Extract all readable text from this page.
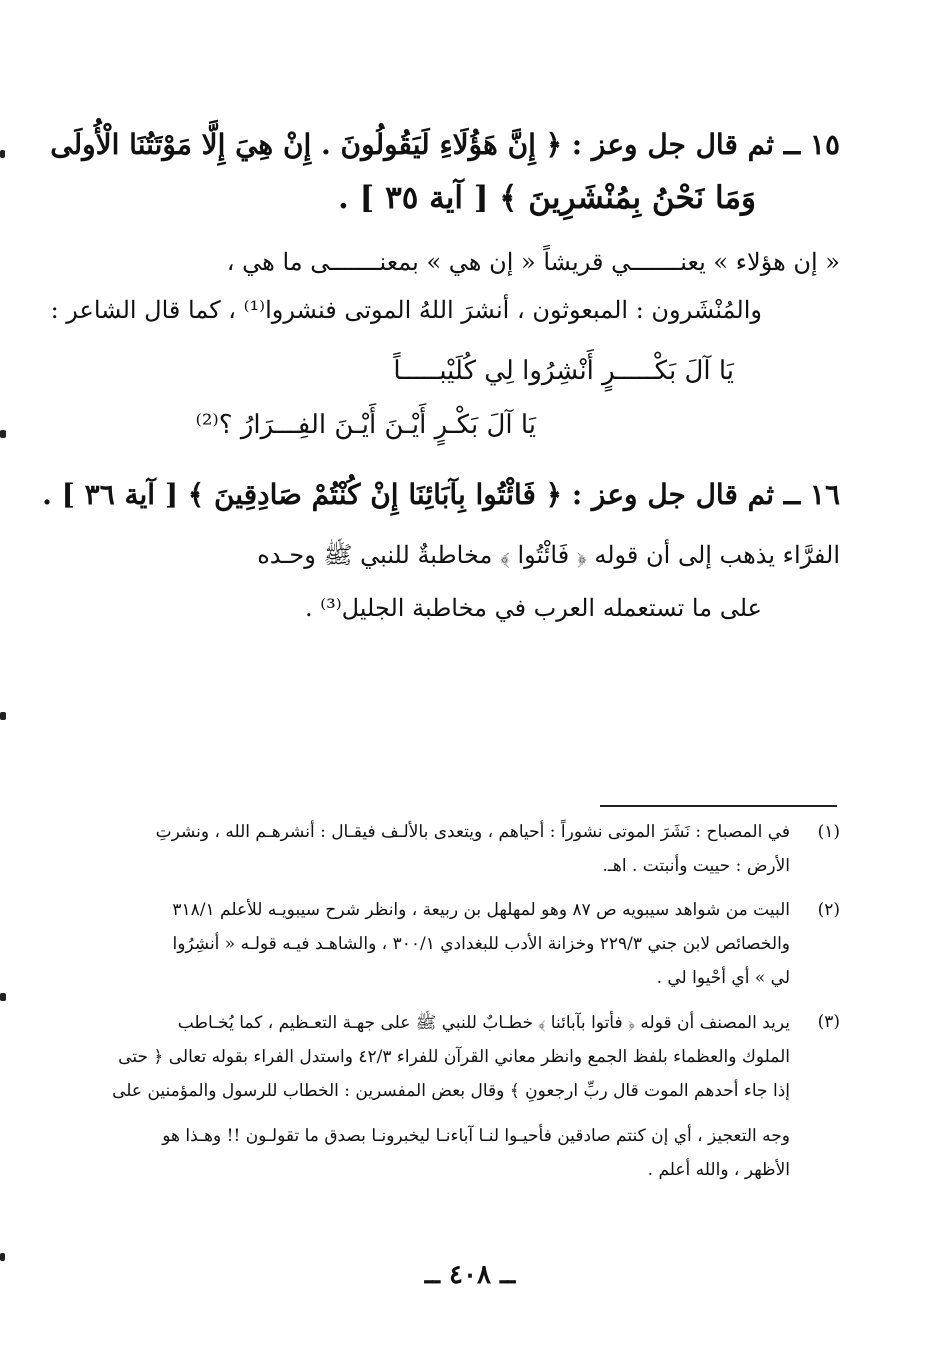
١٥ ــ ثم قال جل وعز : ﴿ إِنَّ هَؤُلَاءِ لَيَقُولُونَ . إِنْ هِيَ إِلَّا مَوْتَتُنَا الْأُولَى

وَمَا نَحْنُ بِمُنْشَرِينَ ﴾ [ آية ٣٥ ] .

« إن هؤلاء » يعنـــــــي قريشاً « إن هي » بمعنـــــــى ما هي ،

والمُنْشَرون : المبعوثون ، أنشرَ اللهُ الموتى فنشروا⁽¹⁾ ، كما قال الشاعر :

يَا آلَ بَكْـــــرٍ أَنْشِرُوا لِي كُلَيْبـــــاً

يَا آلَ بَكْـرٍ أَيْـنَ أَيْـنَ الفِـــرَارُ ؟⁽²⁾

١٦ ــ ثم قال جل وعز : ﴿ فَائْتُوا بِآبَائِنَا إِنْ كُنْتُمْ صَادِقِينَ ﴾ [ آية ٣٦ ] .

الفرَّاء يذهب إلى أن قوله ﴿ فَائْتُوا ﴾ مخاطبةٌ للنبي ﷺ وحـده

على ما تستعمله العرب في مخاطبة الجليل⁽³⁾ .

(١)

في المصباح : نَشَرَ الموتى نشوراً : أحياهم ، ويتعدى بالألـف فيقـال : أنشرهـم الله ، ونشرتِ

الأرض : حييت وأنبتت . اهـ.

(٢)

البيت من شواهد سيبويه ص ٨٧ وهو لمهلهل بن ربيعة ، وانظر شرح سيبويـه للأعلم ٣١٨/١

والخصائص لابن جني ٢٢٩/٣ وخزانة الأدب للبغدادي ٣٠٠/١ ، والشاهـد فيـه قولـه « أنشِرُوا

لي » أي أحْيوا لي .

(٣)

يريد المصنف أن قوله ﴿ فأتوا بآبائنا ﴾ خطـابٌ للنبي ﷺ على جهـة التعـظيم ، كما يُخـاطب

الملوك والعظماء بلفظ الجمع وانظر معاني القرآن للفراء ٤٢/٣ واستدل الفراء بقوله تعالى ﴿ حتى

إذا جاء أحدهم الموت قال ربِّ ارجعونِ ﴾ وقال بعض المفسرين : الخطاب للرسول والمؤمنين على

وجه التعجيز ، أي إن كنتم صادقين فأحيـوا لنـا آباءنـا ليخبرونـا بصدق ما تقولـون !! وهـذا هو

الأظهر ، والله أعلم .

ــ ٤٠٨ ــ
